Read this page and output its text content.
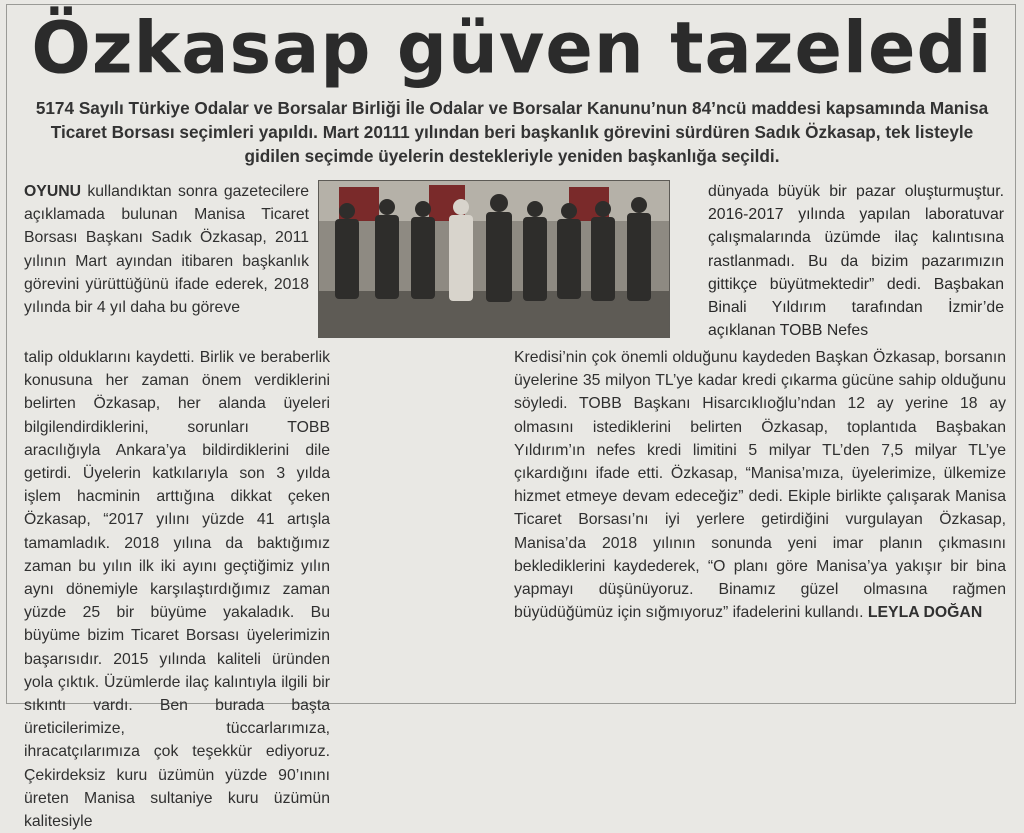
Özkasap güven tazeledi

5174 Sayılı Türkiye Odalar ve Borsalar Birliği İle Odalar ve Borsalar Kanunu’nun 84’ncü maddesi kapsamında Manisa Ticaret Borsası seçimleri yapıldı. Mart 20111 yılından beri başkanlık görevini sürdüren Sadık Özkasap, tek listeyle gidilen seçimde üyelerin destekleriyle yeniden başkanlığa seçildi.

OYUNU kullandıktan sonra gazetecilere açıklamada bulunan Manisa Ticaret Borsası Başkanı Sadık Özkasap, 2011 yılının Mart ayından itibaren başkanlık görevini yürüttüğünü ifade ederek, 2018 yılında bir 4 yıl daha bu göreve

dünyada büyük bir pazar oluşturmuştur. 2016-2017 yılında yapılan laboratuvar çalışmalarında üzümde ilaç kalıntısına rastlanmadı. Bu da bizim pazarımızın gittikçe büyütmektedir” dedi. Başbakan Binali Yıldırım tarafından İzmir’de açıklanan TOBB Nefes

talip olduklarını kaydetti. Birlik ve beraberlik konusuna her zaman önem verdiklerini belirten Özkasap, her alanda üyeleri bilgilendirdiklerini, sorunları TOBB aracılığıyla Ankara’ya bildirdiklerini dile getirdi. Üyelerin katkılarıyla son 3 yılda işlem hacminin arttığına dikkat çeken Özkasap, “2017 yılını yüzde 41 artışla tamamladık. 2018 yılına da baktığımız zaman bu yılın ilk iki ayını geçtiğimiz yılın aynı dönemiyle karşılaştırdığımız zaman yüzde 25 bir büyüme yakaladık. Bu büyüme bizim Ticaret Borsası üyelerimizin başarısıdır. 2015 yılında kaliteli üründen yola çıktık. Üzümlerde ilaç kalıntıyla ilgili bir sıkıntı vardı. Ben burada başta üreticilerimize, tüccarlarımıza, ihracatçılarımıza çok teşekkür ediyoruz. Çekirdeksiz kuru üzümün yüzde 90’ınını üreten Manisa sultaniye kuru üzümün kalitesiyle

Kredisi’nin çok önemli olduğunu kaydeden Başkan Özkasap, borsanın üyelerine 35 milyon TL’ye kadar kredi çıkarma gücüne sahip olduğunu söyledi. TOBB Başkanı Hisarcıklıoğlu’ndan 12 ay yerine 18 ay olmasını istediklerini belirten Özkasap, toplantıda Başbakan Yıldırım’ın nefes kredi limitini 5 milyar TL’den 7,5 milyar TL’ye çıkardığını ifade etti. Özkasap, “Manisa’mıza, üyelerimize, ülkemize hizmet etmeye devam edeceğiz” dedi. Ekiple birlikte çalışarak Manisa Ticaret Borsası’nı iyi yerlere getirdiğini vurgulayan Özkasap, Manisa’da 2018 yılının sonunda yeni imar planın çıkmasını beklediklerini kaydederek, “O planı göre Manisa’ya yakışır bir bina yapmayı düşünüyoruz. Binamız güzel olmasına rağmen büyüdüğümüz için sığmıyoruz” ifadelerini kullandı. LEYLA DOĞAN
